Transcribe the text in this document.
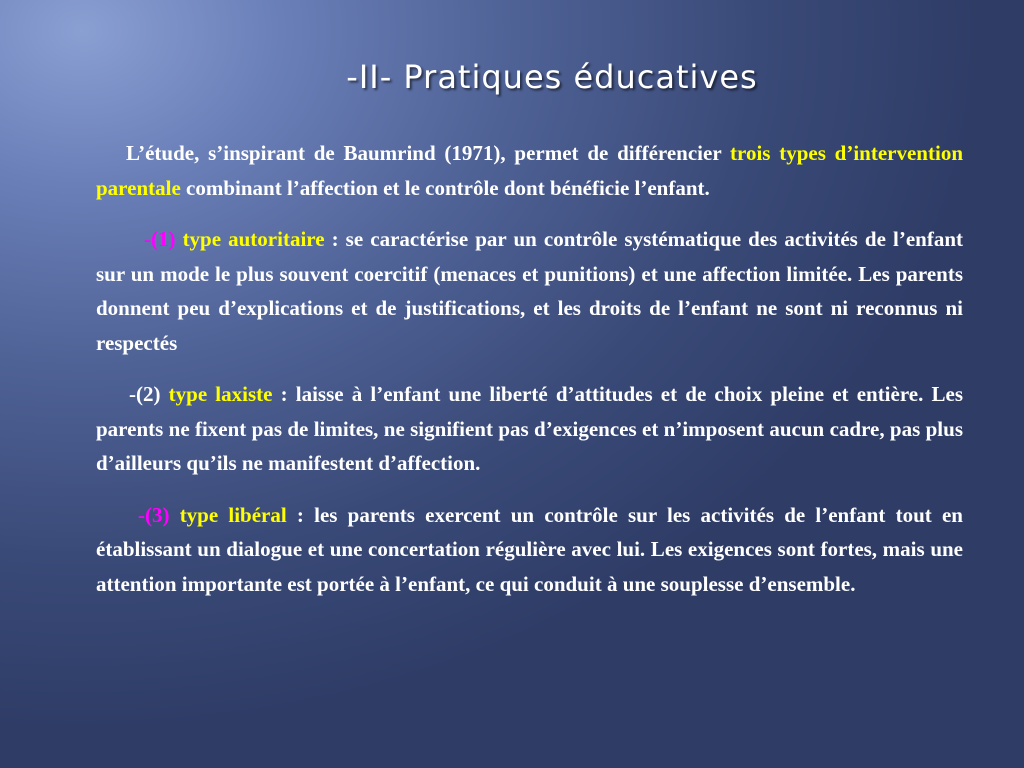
-II- Pratiques éducatives

L’étude, s’inspirant de Baumrind (1971), permet de différencier trois types d’intervention parentale combinant l’affection et le contrôle dont bénéficie l’enfant.

-(1) type autoritaire : se caractérise par un contrôle systématique des activités de l’enfant sur un mode le plus souvent coercitif (menaces et punitions) et une affection limitée. Les parents donnent peu d’explications et de justifications, et les droits de l’enfant ne sont ni reconnus ni respectés

-(2) type laxiste : laisse à l’enfant une liberté d’attitudes et de choix pleine et entière. Les parents ne fixent pas de limites, ne signifient pas d’exigences et n’imposent aucun cadre, pas plus d’ailleurs qu’ils ne manifestent d’affection.

-(3) type libéral : les parents exercent un contrôle sur les activités de l’enfant tout en établissant un dialogue et une concertation régulière avec lui. Les exigences sont fortes, mais une attention importante est portée à l’enfant, ce qui conduit à une souplesse d’ensemble.
